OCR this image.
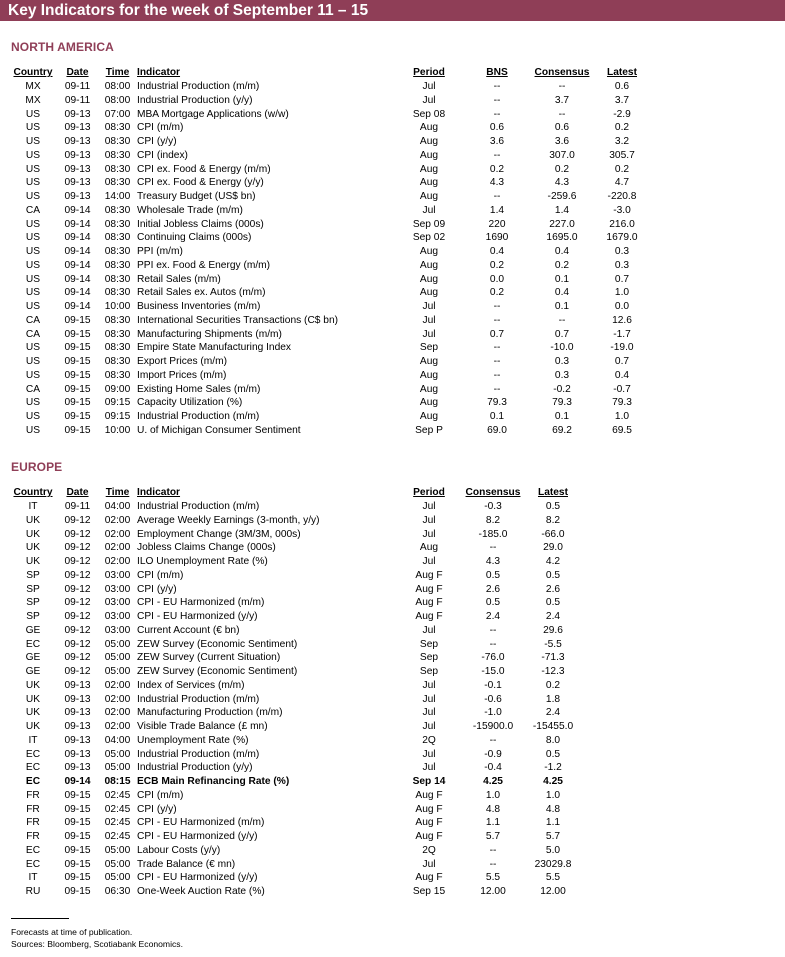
Key Indicators for the week of September 11 – 15
NORTH AMERICA
Country	Date	Time	Indicator	Period	BNS	Consensus	Latest
MX	09-11	08:00	Industrial Production (m/m)	Jul	--	--	0.6
MX	09-11	08:00	Industrial Production (y/y)	Jul	--	3.7	3.7
US	09-13	07:00	MBA Mortgage Applications (w/w)	Sep 08	--	--	-2.9
US	09-13	08:30	CPI (m/m)	Aug	0.6	0.6	0.2
US	09-13	08:30	CPI (y/y)	Aug	3.6	3.6	3.2
US	09-13	08:30	CPI (index)	Aug	--	307.0	305.7
US	09-13	08:30	CPI ex. Food & Energy (m/m)	Aug	0.2	0.2	0.2
US	09-13	08:30	CPI ex. Food & Energy (y/y)	Aug	4.3	4.3	4.7
US	09-13	14:00	Treasury Budget (US$ bn)	Aug	--	-259.6	-220.8
CA	09-14	08:30	Wholesale Trade (m/m)	Jul	1.4	1.4	-3.0
US	09-14	08:30	Initial Jobless Claims (000s)	Sep 09	220	227.0	216.0
US	09-14	08:30	Continuing Claims (000s)	Sep 02	1690	1695.0	1679.0
US	09-14	08:30	PPI (m/m)	Aug	0.4	0.4	0.3
US	09-14	08:30	PPI ex. Food & Energy (m/m)	Aug	0.2	0.2	0.3
US	09-14	08:30	Retail Sales (m/m)	Aug	0.0	0.1	0.7
US	09-14	08:30	Retail Sales ex. Autos (m/m)	Aug	0.2	0.4	1.0
US	09-14	10:00	Business Inventories (m/m)	Jul	--	0.1	0.0
CA	09-15	08:30	International Securities Transactions (C$ bn)	Jul	--	--	12.6
CA	09-15	08:30	Manufacturing Shipments (m/m)	Jul	0.7	0.7	-1.7
US	09-15	08:30	Empire State Manufacturing Index	Sep	--	-10.0	-19.0
US	09-15	08:30	Export Prices (m/m)	Aug	--	0.3	0.7
US	09-15	08:30	Import Prices (m/m)	Aug	--	0.3	0.4
CA	09-15	09:00	Existing Home Sales (m/m)	Aug	--	-0.2	-0.7
US	09-15	09:15	Capacity Utilization (%)	Aug	79.3	79.3	79.3
US	09-15	09:15	Industrial Production (m/m)	Aug	0.1	0.1	1.0
US	09-15	10:00	U. of Michigan Consumer Sentiment	Sep P	69.0	69.2	69.5
EUROPE
Country	Date	Time	Indicator	Period	Consensus	Latest
IT	09-11	04:00	Industrial Production (m/m)	Jul	-0.3	0.5
UK	09-12	02:00	Average Weekly Earnings (3-month, y/y)	Jul	8.2	8.2
UK	09-12	02:00	Employment Change (3M/3M, 000s)	Jul	-185.0	-66.0
UK	09-12	02:00	Jobless Claims Change (000s)	Aug	--	29.0
UK	09-12	02:00	ILO Unemployment Rate (%)	Jul	4.3	4.2
SP	09-12	03:00	CPI (m/m)	Aug F	0.5	0.5
SP	09-12	03:00	CPI (y/y)	Aug F	2.6	2.6
SP	09-12	03:00	CPI - EU Harmonized (m/m)	Aug F	0.5	0.5
SP	09-12	03:00	CPI - EU Harmonized (y/y)	Aug F	2.4	2.4
GE	09-12	03:00	Current Account (€ bn)	Jul	--	29.6
EC	09-12	05:00	ZEW Survey (Economic Sentiment)	Sep	--	-5.5
GE	09-12	05:00	ZEW Survey (Current Situation)	Sep	-76.0	-71.3
GE	09-12	05:00	ZEW Survey (Economic Sentiment)	Sep	-15.0	-12.3
UK	09-13	02:00	Index of Services (m/m)	Jul	-0.1	0.2
UK	09-13	02:00	Industrial Production (m/m)	Jul	-0.6	1.8
UK	09-13	02:00	Manufacturing Production (m/m)	Jul	-1.0	2.4
UK	09-13	02:00	Visible Trade Balance (£ mn)	Jul	-15900.0	-15455.0
IT	09-13	04:00	Unemployment Rate (%)	2Q	--	8.0
EC	09-13	05:00	Industrial Production (m/m)	Jul	-0.9	0.5
EC	09-13	05:00	Industrial Production (y/y)	Jul	-0.4	-1.2
EC	09-14	08:15	ECB Main Refinancing Rate (%)	Sep 14	4.25	4.25
FR	09-15	02:45	CPI (m/m)	Aug F	1.0	1.0
FR	09-15	02:45	CPI (y/y)	Aug F	4.8	4.8
FR	09-15	02:45	CPI - EU Harmonized (m/m)	Aug F	1.1	1.1
FR	09-15	02:45	CPI - EU Harmonized (y/y)	Aug F	5.7	5.7
EC	09-15	05:00	Labour Costs (y/y)	2Q	--	5.0
EC	09-15	05:00	Trade Balance (€ mn)	Jul	--	23029.8
IT	09-15	05:00	CPI - EU Harmonized (y/y)	Aug F	5.5	5.5
RU	09-15	06:30	One-Week Auction Rate (%)	Sep 15	12.00	12.00
Forecasts at time of publication.
Sources: Bloomberg, Scotiabank Economics.
